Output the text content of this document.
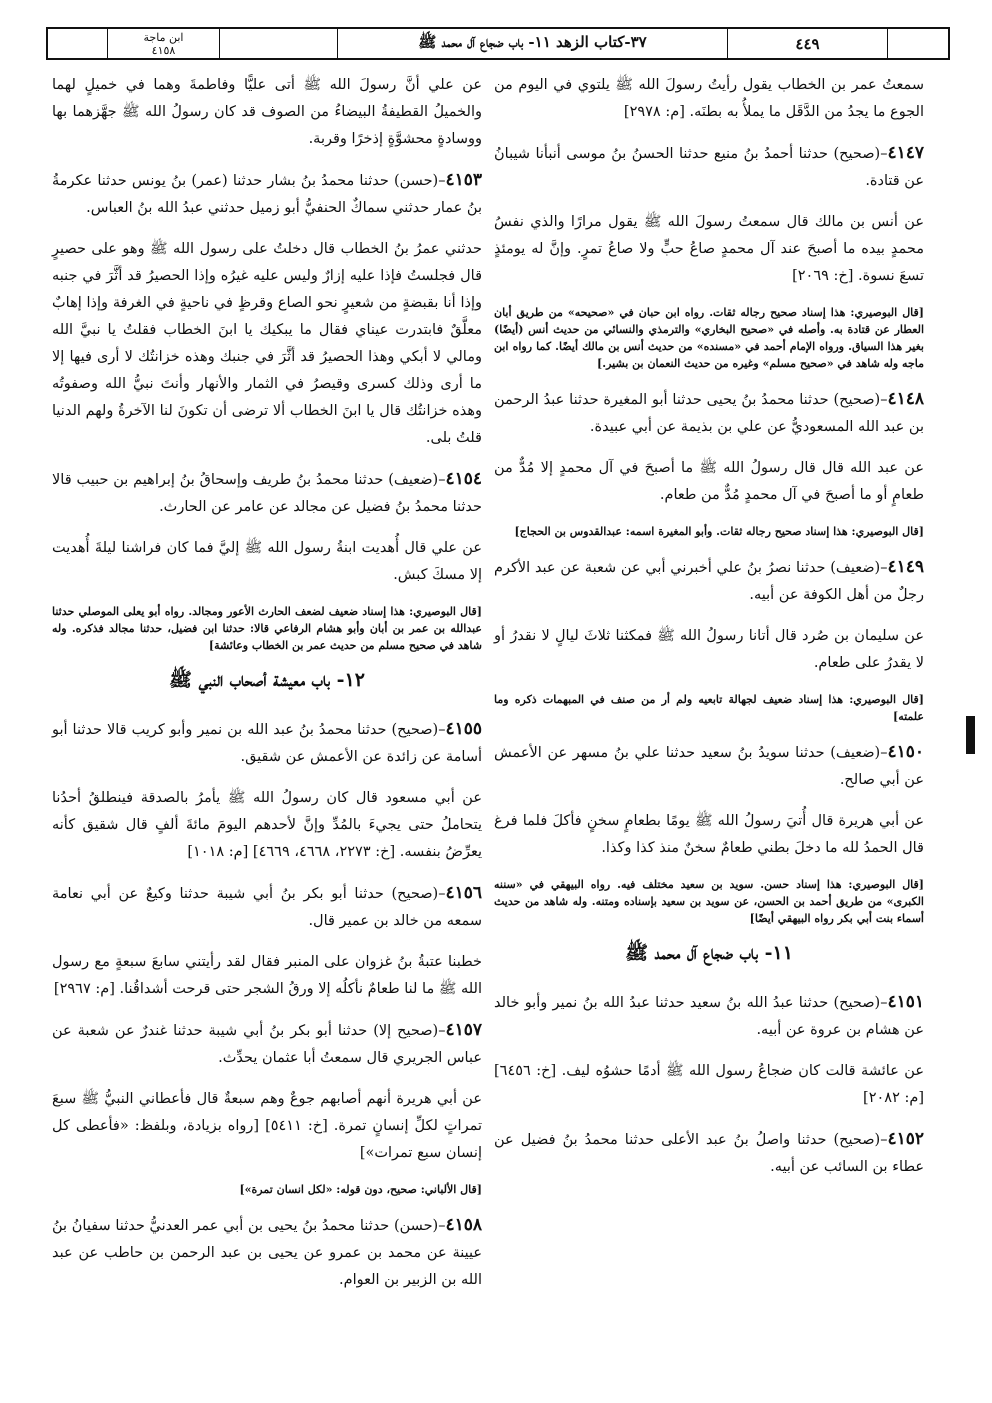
ابن ماجة
٤١٥٨	٣٧-كتاب الزهد ١١- باب ضجاع آل محمد ﷺ	٤٤٩
سمعتُ عمر بن الخطاب يقول رأيتُ رسولَ الله ﷺ يلتوي في اليوم من الجوع ما يجدُ من الدَّقَل ما يملأُ به بطنَه. [م: ٢٩٧٨]
٤١٤٧–(صحيح) حدثنا أحمدُ بنُ منيع حدثنا الحسنُ بنُ موسى أنبأنا شيبانُ عن قتادة.
عن أنس بن مالك قال سمعتُ رسولَ الله ﷺ يقول مرارًا والذي نفسُ محمدٍ بيده ما أصبحَ عند آل محمدٍ صاعُ حبٍّ ولا صاعُ تمرٍ. وإنَّ له يومئذٍ تسعَ نسوة. [خ: ٢٠٦٩]
[قال البوصيري: هذا إسناد صحيح رجاله ثقات. رواه ابن حبان في «صحيحه» من طريق أبان العطار عن قتادة به. وأصله في «صحيح البخاري» والترمذي والنسائي من حديث أنس (أيضًا) بغير هذا السياق. ورواه الإمام أحمد في «مسنده» من حديث أنس بن مالك أيضًا. كما رواه ابن ماجه وله شاهد في «صحيح مسلم» وغيره من حديث النعمان بن بشير.]
٤١٤٨–(صحيح) حدثنا محمدُ بنُ يحيى حدثنا أبو المغيرة حدثنا عبدُ الرحمن بن عبد الله المسعوديُّ عن علي بن بذيمة عن أبي عبيدة.
عن عبد الله قال قال رسولُ الله ﷺ ما أصبحَ في آل محمدٍ إلا مُدٌّ من طعامٍ أو ما أصبحَ في آل محمدٍ مُدٌّ من طعام.
[قال البوصيري: هذا إسناد صحيح رجاله ثقات. وأبو المغيرة اسمه: عبدالقدوس بن الحجاج]
٤١٤٩–(ضعيف) حدثنا نصرُ بنُ علي أخبرني أبي عن شعبة عن عبد الأكرم رجلٌ من أهل الكوفة عن أبيه.
عن سليمان بن صُرد قال أتانا رسولُ الله ﷺ فمكثنا ثلاثَ ليالٍ لا نقدرُ أو لا يقدرُ على طعام.
[قال البوصيري: هذا إسناد ضعيف لجهالة تابعيه ولم أر من صنف في المبهمات ذكره وما علمته]
٤١٥٠–(ضعيف) حدثنا سويدُ بنُ سعيد حدثنا علي بنُ مسهر عن الأعمش عن أبي صالح.
عن أبي هريرة قال أُتيَ رسولُ الله ﷺ يومًا بطعامٍ سخنٍ فأكلَ فلما فرغ قال الحمدُ لله ما دخلَ بطني طعامٌ سخنٌ منذ كذا وكذا.
[قال البوصيري: هذا إسناد حسن. سويد بن سعيد مختلف فيه. رواه البيهقي في «سننه الكبرى» من طريق أحمد بن الحسن، عن سويد بن سعيد بإسناده ومتنه. وله شاهد من حديث أسماء بنت أبي بكر رواه البيهقي أيضًا]
١١- باب ضجاع آل محمد ﷺ
٤١٥١–(صحيح) حدثنا عبدُ الله بنُ سعيد حدثنا عبدُ الله بنُ نمير وأبو خالد عن هشام بن عروة عن أبيه.
عن عائشة قالت كان ضجاعُ رسول الله ﷺ أدمًا حشوُه ليف. [خ: ٦٤٥٦] [م: ٢٠٨٢]
٤١٥٢–(صحيح) حدثنا واصلُ بنُ عبد الأعلى حدثنا محمدُ بنُ فضيل عن عطاء بن السائب عن أبيه.
عن علي أنَّ رسولَ الله ﷺ أتى عليًّا وفاطمةَ وهما في خميلٍ لهما والخميلُ القطيفةُ البيضاءُ من الصوف قد كان رسولُ الله ﷺ جهَّزهما بها ووسادةٍ محشوَّةٍ إذخرًا وقربة.
٤١٥٣–(حسن) حدثنا محمدُ بنُ بشار حدثنا (عمر) بنُ يونس حدثنا عكرمةُ بنُ عمار حدثني سماكٌ الحنفيُّ أبو زميل حدثني عبدُ الله بنُ العباس.
حدثني عمرُ بنُ الخطاب قال دخلتُ على رسول الله ﷺ وهو على حصيرٍ قال فجلستُ فإذا عليه إزارٌ وليس عليه غيرُه وإذا الحصيرُ قد أثَّرَ في جنبه وإذا أنا بقبضةٍ من شعيرٍ نحو الصاع وقرظٍ في ناحيةٍ في الغرفة وإذا إهابٌ معلَّقٌ فابتدرت عيناي فقال ما يبكيك يا ابنَ الخطاب فقلتُ يا نبيَّ الله ومالي لا أبكي وهذا الحصيرُ قد أثَّرَ في جنبك وهذه خزانتُك لا أرى فيها إلا ما أرى وذلك كسرى وقيصرُ في الثمار والأنهار وأنتَ نبيُّ الله وصفوتُه وهذه خزانتُك قال يا ابنَ الخطاب ألا ترضى أن تكونَ لنا الآخرةُ ولهم الدنيا قلتُ بلى.
٤١٥٤–(ضعيف) حدثنا محمدُ بنُ طريف وإسحاقُ بنُ إبراهيم بن حبيب قالا حدثنا محمدُ بنُ فضيل عن مجالد عن عامر عن الحارث.
عن علي قال أُهديت ابنةُ رسول الله ﷺ إليَّ فما كان فراشنا ليلةَ أُهديت إلا مسكَ كبش.
[قال البوصيري: هذا إسناد ضعيف لضعف الحارث الأعور ومجالد. رواه أبو يعلى الموصلي حدثنا عبدالله بن عمر بن أبان وأبو هشام الرفاعي قالا: حدثنا ابن فضيل، حدثنا مجالد فذكره. وله شاهد في صحيح مسلم من حديث عمر بن الخطاب وعائشة]
١٢- باب معيشة أصحاب النبي ﷺ
٤١٥٥–(صحيح) حدثنا محمدُ بنُ عبد الله بن نمير وأبو كريب قالا حدثنا أبو أسامة عن زائدة عن الأعمش عن شقيق.
عن أبي مسعود قال كان رسولُ الله ﷺ يأمرُ بالصدقة فينطلقُ أحدُنا يتحاملُ حتى يجيءَ بالمُدِّ وإنَّ لأحدهم اليومَ مائةَ ألفٍ قال شقيق كأنه يعرِّضُ بنفسه. [خ: ٢٢٧٣، ٤٦٦٨، ٤٦٦٩] [م: ١٠١٨]
٤١٥٦–(صحيح) حدثنا أبو بكر بنُ أبي شيبة حدثنا وكيعٌ عن أبي نعامة سمعه من خالد بن عمير قال.
خطبنا عتبةُ بنُ غزوان على المنبر فقال لقد رأيتني سابعَ سبعةٍ مع رسول الله ﷺ ما لنا طعامٌ نأكلُه إلا ورقُ الشجر حتى قرحت أشداقُنا. [م: ٢٩٦٧]
٤١٥٧–(صحيح إلا) حدثنا أبو بكر بنُ أبي شيبة حدثنا غندرٌ عن شعبة عن عباس الجريري قال سمعتُ أبا عثمان يحدِّث.
عن أبي هريرة أنهم أصابهم جوعٌ وهم سبعةٌ قال فأعطاني النبيُّ ﷺ سبعَ تمراتٍ لكلِّ إنسانٍ تمرة. [خ: ٥٤١١] [رواه بزيادة، وبلفظ: «فأعطى كل إنسان سبع تمرات»]
[قال الألباني: صحيح، دون قوله: «لكل انسان تمرة»]
٤١٥٨–(حسن) حدثنا محمدُ بنُ يحيى بن أبي عمر العدنيُّ حدثنا سفيانُ بنُ عيينة عن محمد بن عمرو عن يحيى بن عبد الرحمن بن حاطب عن عبد الله بن الزبير بن العوام.
